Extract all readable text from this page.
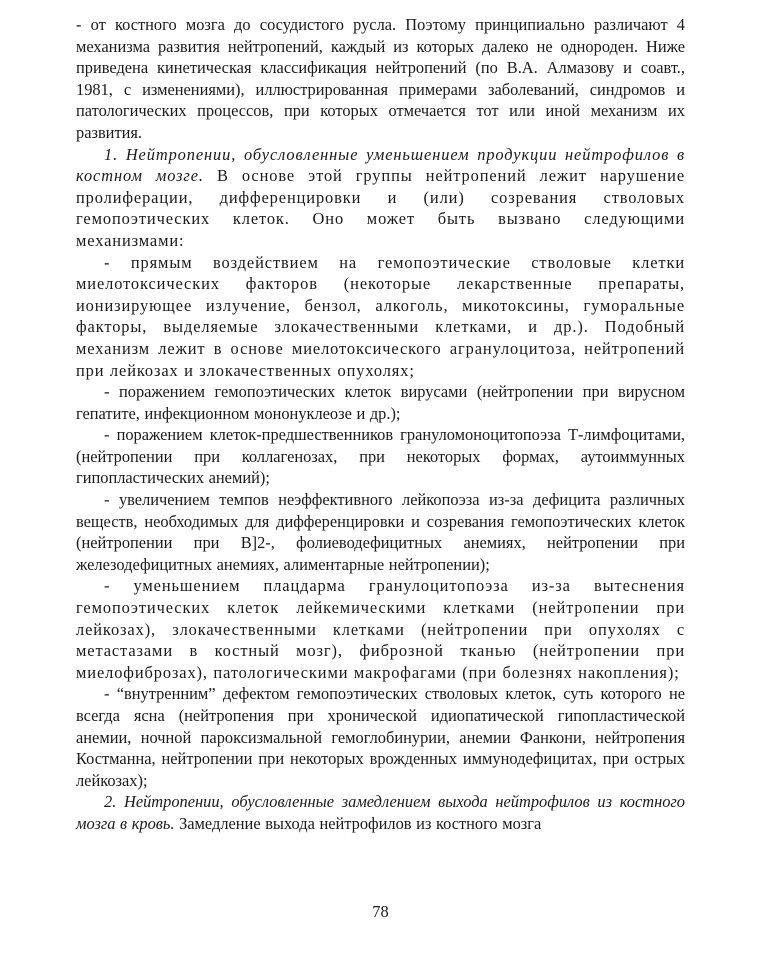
- от костного мозга до сосудистого русла. Поэтому принципиально различают 4 механизма развития нейтропений, каждый из которых далеко не однороден. Ниже приведена кинетическая классификация нейтропений (по В.А. Алмазову и соавт., 1981, с изменениями), иллюстрированная примерами заболеваний, синдромов и патологических процессов, при которых отмечается тот или иной механизм их развития.

1. Нейтропении, обусловленные уменьшением продукции нейтрофилов в костном мозге. В основе этой группы нейтропений лежит нарушение пролиферации, дифференцировки и (или) созревания стволовых гемопоэтических клеток. Оно может быть вызвано следующими механизмами:

- прямым воздействием на гемопоэтические стволовые клетки миелотоксических факторов (некоторые лекарственные препараты, ионизирующее излучение, бензол, алкоголь, микотоксины, гуморальные факторы, выделяемые злокачественными клетками, и др.). Подобный механизм лежит в основе миелотоксического агранулоцитоза, нейтропений при лейкозах и злокачественных опухолях;

- поражением гемопоэтических клеток вирусами (нейтропении при вирусном гепатите, инфекционном мононуклеозе и др.);

- поражением клеток-предшественников грануломоноцитопоэза Т-лимфоцитами, (нейтропении при коллагенозах, при некоторых формах, аутоиммунных гипопластических анемий);

- увеличением темпов неэффективного лейкопоэза из-за дефицита различных веществ, необходимых для дифференцировки и созревания гемопоэтических клеток (нейтропении при В]2-, фолиеводефицитных анемиях, нейтропении при железодефицитных анемиях, алиментарные нейтропении);

- уменьшением плацдарма гранулоцитопоэза из-за вытеснения гемопоэтических клеток лейкемическими клетками (нейтропении при лейкозах), злокачественными клетками (нейтропении при опухолях с метастазами в костный мозг), фиброзной тканью (нейтропении при миелофиброзах), патологическими макрофагами (при болезнях накопления);

- “внутренним” дефектом гемопоэтических стволовых клеток, суть которого не всегда ясна (нейтропения при хронической идиопатической гипопластической анемии, ночной пароксизмальной гемоглобинурии, анемии Фанкони, нейтропения Костманна, нейтропении при некоторых врожденных иммунодефицитах, при острых лейкозах);

2. Нейтропении, обусловленные замедлением выхода нейтрофилов из костного мозга в кровь. Замедление выхода нейтрофилов из костного мозга

78
